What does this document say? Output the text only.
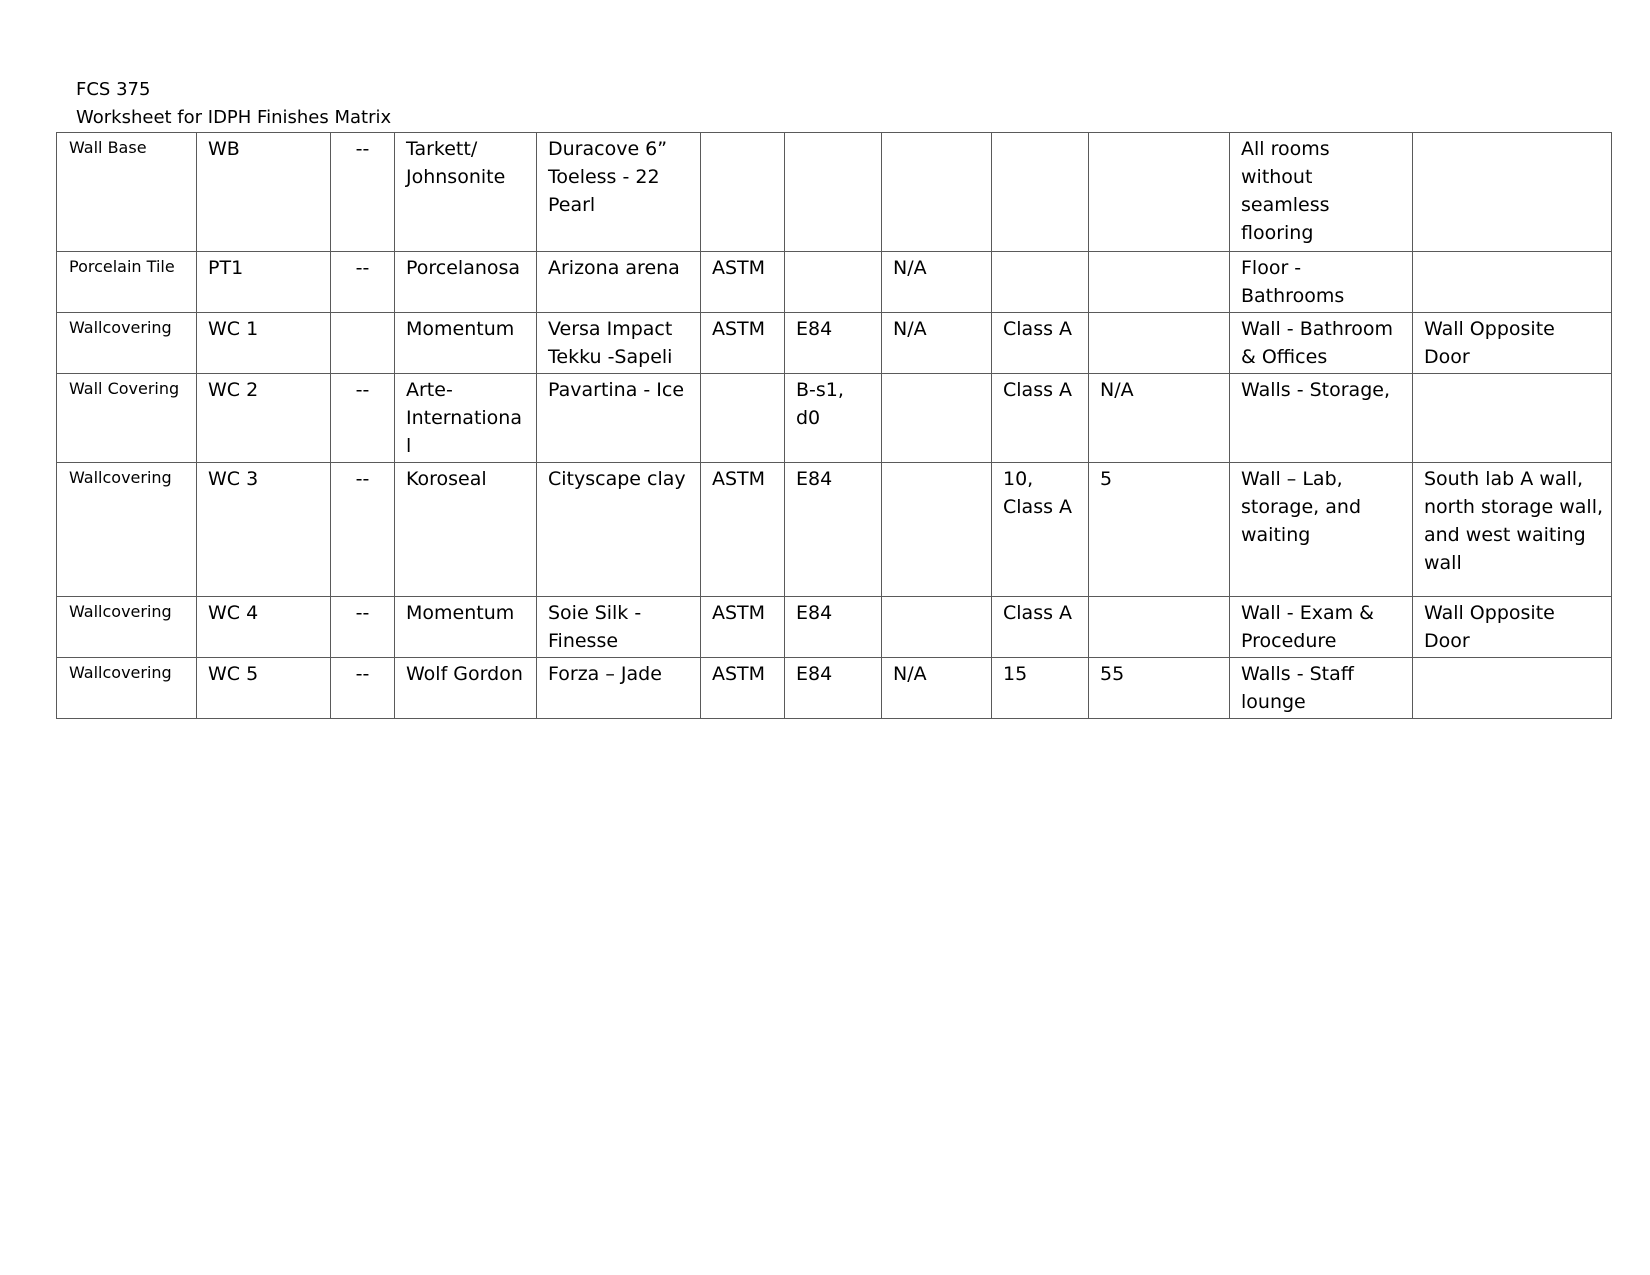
FCS 375
Worksheet for IDPH Finishes Matrix
Wall Base	WB	--	Tarkett/ Johnsonite	Duracove 6” Toeless - 22 Pearl						All rooms without seamless flooring	
Porcelain Tile	PT1	--	Porcelanosa	Arizona arena	ASTM		N/A			Floor - Bathrooms	
Wallcovering	WC 1		Momentum	Versa Impact Tekku -Sapeli	ASTM	E84	N/A	Class A		Wall - Bathroom & Offices	Wall Opposite Door
Wall Covering	WC 2	--	Arte-Internationa l	Pavartina - Ice		B-s1, d0		Class A	N/A	Walls - Storage,	
Wallcovering	WC 3	--	Koroseal	Cityscape clay	ASTM	E84		10, Class A	5	Wall – Lab, storage, and waiting	South lab A wall, north storage wall, and west waiting wall
Wallcovering	WC 4	--	Momentum	Soie Silk - Finesse	ASTM	E84		Class A		Wall - Exam & Procedure	Wall Opposite Door
Wallcovering	WC 5	--	Wolf Gordon	Forza – Jade	ASTM	E84	N/A	15	55	Walls - Staff lounge	
